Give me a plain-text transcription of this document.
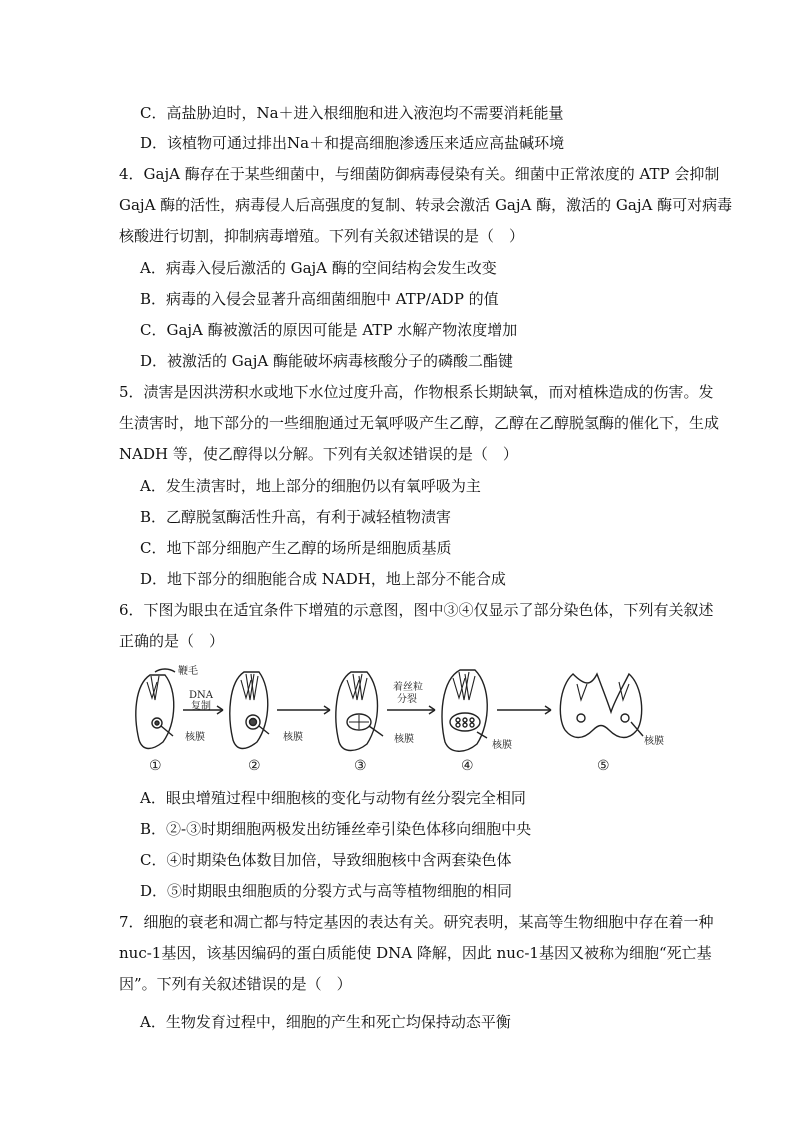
C．高盐胁迫时，Na＋进入根细胞和进入液泡均不需要消耗能量
D．该植物可通过排出Na＋和提高细胞渗透压来适应高盐碱环境
4．GajA 酶存在于某些细菌中，与细菌防御病毒侵染有关。细菌中正常浓度的 ATP 会抑制
GajA 酶的活性，病毒侵人后高强度的复制、转录会激活 GajA 酶，激活的 GajA 酶可对病毒
核酸进行切割，抑制病毒增殖。下列有关叙述错误的是（　）
A．病毒入侵后激活的 GajA 酶的空间结构会发生改变
B．病毒的入侵会显著升高细菌细胞中 ATP/ADP 的值
C．GajA 酶被激活的原因可能是 ATP 水解产物浓度增加
D．被激活的 GajA 酶能破坏病毒核酸分子的磷酸二酯键
5．渍害是因洪涝积水或地下水位过度升高，作物根系长期缺氧，而对植株造成的伤害。发
生渍害时，地下部分的一些细胞通过无氧呼吸产生乙醇，乙醇在乙醇脱氢酶的催化下，生成
NADH 等，使乙醇得以分解。下列有关叙述错误的是（　）
A．发生渍害时，地上部分的细胞仍以有氧呼吸为主
B．乙醇脱氢酶活性升高，有利于减轻植物渍害
C．地下部分细胞产生乙醇的场所是细胞质基质
D．地下部分的细胞能合成 NADH，地上部分不能合成
6．下图为眼虫在适宜条件下增殖的示意图，图中③④仅显示了部分染色体，下列有关叙述
正确的是（　）
鞭毛
DNA
复制
核膜	核膜	核膜
着丝粒
分裂
核膜	核膜
①	②	③	④	⑤
A．眼虫增殖过程中细胞核的变化与动物有丝分裂完全相同
B．②-③时期细胞两极发出纺锤丝牵引染色体移向细胞中央
C．④时期染色体数目加倍，导致细胞核中含两套染色体
D．⑤时期眼虫细胞质的分裂方式与高等植物细胞的相同
7．细胞的衰老和凋亡都与特定基因的表达有关。研究表明，某高等生物细胞中存在着一种
nuc-1基因，该基因编码的蛋白质能使 DNA 降解，因此 nuc-1基因又被称为细胞“死亡基
因”。下列有关叙述错误的是（　）
A．生物发育过程中，细胞的产生和死亡均保持动态平衡
